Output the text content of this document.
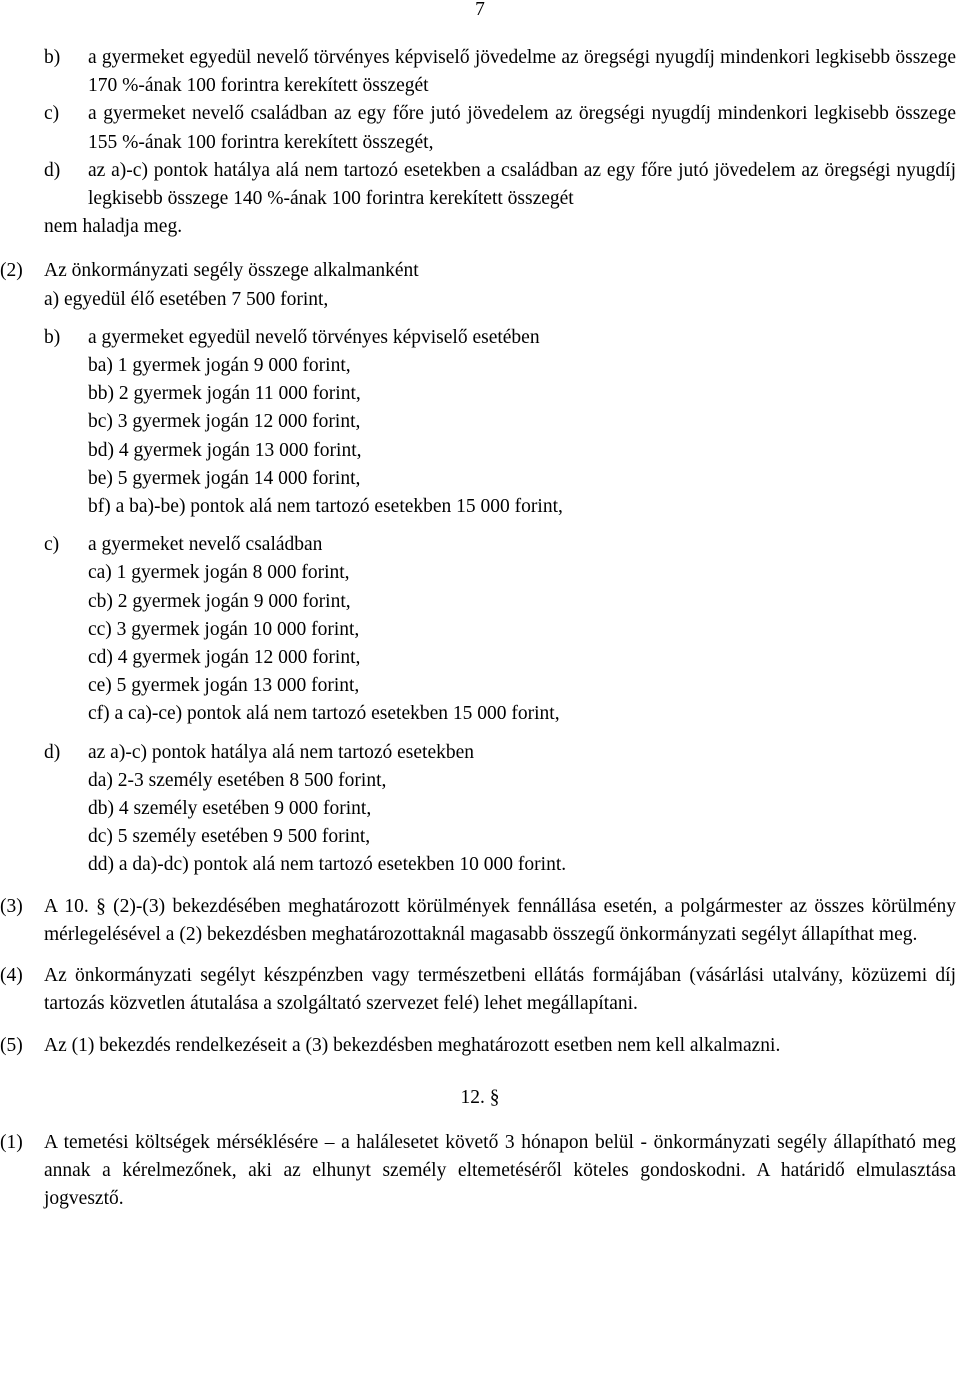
7
b) a gyermeket egyedül nevelő törvényes képviselő jövedelme az öregségi nyugdíj mindenkori legkisebb összege 170 %-ának 100 forintra kerekített összegét
c) a gyermeket nevelő családban az egy főre jutó jövedelem az öregségi nyugdíj mindenkori legkisebb összege 155 %-ának 100 forintra kerekített összegét,
d) az a)-c) pontok hatálya alá nem tartozó esetekben a családban az egy főre jutó jövedelem az öregségi nyugdíj legkisebb összege 140 %-ának 100 forintra kerekített összegét
nem haladja meg.
(2) Az önkormányzati segély összege alkalmanként
a) egyedül élő esetében 7 500 forint,
b) a gyermeket egyedül nevelő törvényes képviselő esetében
ba) 1 gyermek jogán 9 000 forint,
bb) 2 gyermek jogán 11 000 forint,
bc) 3 gyermek jogán 12 000 forint,
bd) 4 gyermek jogán 13 000 forint,
be) 5 gyermek jogán 14 000 forint,
bf) a ba)-be) pontok alá nem tartozó esetekben 15 000 forint,
c) a gyermeket nevelő családban
ca) 1 gyermek jogán 8 000 forint,
cb) 2 gyermek jogán 9 000 forint,
cc) 3 gyermek jogán 10 000 forint,
cd) 4 gyermek jogán 12 000 forint,
ce) 5 gyermek jogán 13 000 forint,
cf) a ca)-ce) pontok alá nem tartozó esetekben 15 000 forint,
d) az a)-c) pontok hatálya alá nem tartozó esetekben
da) 2-3 személy esetében 8 500 forint,
db) 4 személy esetében 9 000 forint,
dc) 5 személy esetében 9 500 forint,
dd) a da)-dc) pontok alá nem tartozó esetekben 10 000 forint.
(3) A 10. § (2)-(3) bekezdésében meghatározott körülmények fennállása esetén, a polgármester az összes körülmény mérlegelésével a (2) bekezdésben meghatározottaknál magasabb összegű önkormányzati segélyt állapíthat meg.
(4) Az önkormányzati segélyt készpénzben vagy természetbeni ellátás formájában (vásárlási utalvány, közüzemi díj tartozás közvetlen átutalása a szolgáltató szervezet felé) lehet megállapítani.
(5) Az (1) bekezdés rendelkezéseit a (3) bekezdésben meghatározott esetben nem kell alkalmazni.
12. §
(1) A temetési költségek mérséklésére – a halálesetet követő 3 hónapon belül - önkormányzati segély állapítható meg annak a kérelmezőnek, aki az elhunyt személy eltemetéséről köteles gondoskodni. A határidő elmulasztása jogvesztő.
